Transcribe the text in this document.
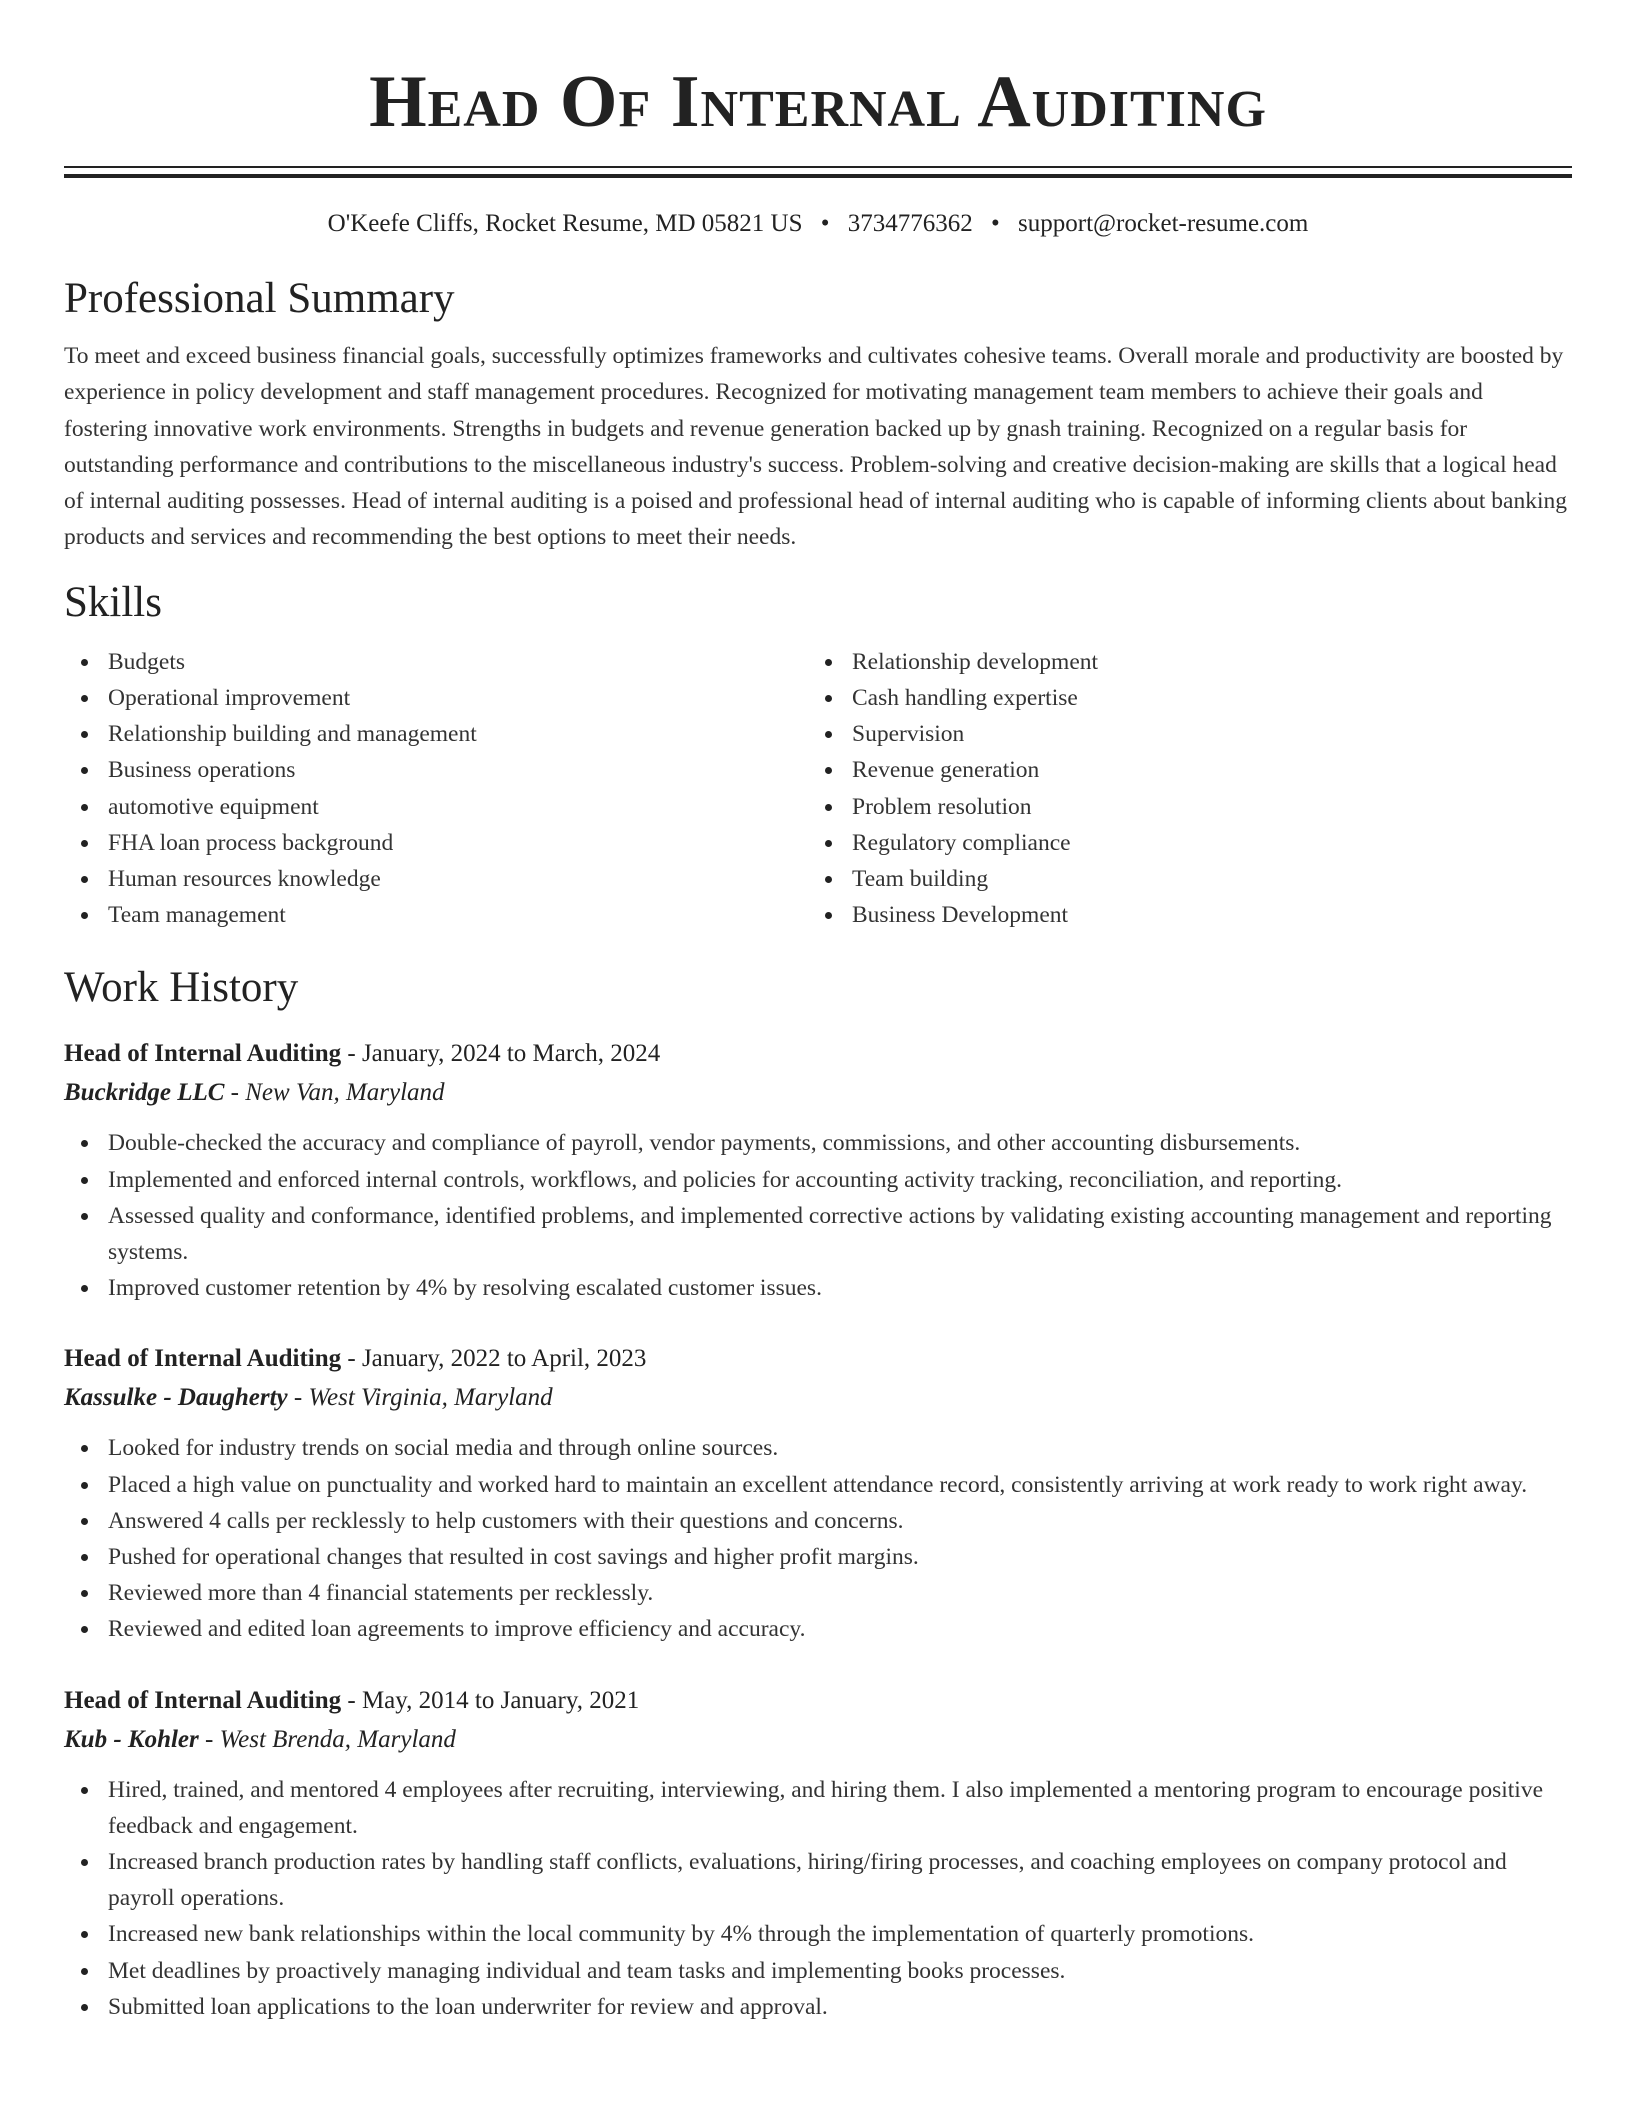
Head Of Internal Auditing
O'Keefe Cliffs, Rocket Resume, MD 05821 US • 3734776362 • support@rocket-resume.com
Professional Summary
To meet and exceed business financial goals, successfully optimizes frameworks and cultivates cohesive teams. Overall morale and productivity are boosted by experience in policy development and staff management procedures. Recognized for motivating management team members to achieve their goals and fostering innovative work environments. Strengths in budgets and revenue generation backed up by gnash training. Recognized on a regular basis for outstanding performance and contributions to the miscellaneous industry's success. Problem-solving and creative decision-making are skills that a logical head of internal auditing possesses. Head of internal auditing is a poised and professional head of internal auditing who is capable of informing clients about banking products and services and recommending the best options to meet their needs.
Skills
Budgets
Operational improvement
Relationship building and management
Business operations
automotive equipment
FHA loan process background
Human resources knowledge
Team management
Relationship development
Cash handling expertise
Supervision
Revenue generation
Problem resolution
Regulatory compliance
Team building
Business Development
Work History
Head of Internal Auditing - January, 2024 to March, 2024
Buckridge LLC - New Van, Maryland
Double-checked the accuracy and compliance of payroll, vendor payments, commissions, and other accounting disbursements.
Implemented and enforced internal controls, workflows, and policies for accounting activity tracking, reconciliation, and reporting.
Assessed quality and conformance, identified problems, and implemented corrective actions by validating existing accounting management and reporting systems.
Improved customer retention by 4% by resolving escalated customer issues.
Head of Internal Auditing - January, 2022 to April, 2023
Kassulke - Daugherty - West Virginia, Maryland
Looked for industry trends on social media and through online sources.
Placed a high value on punctuality and worked hard to maintain an excellent attendance record, consistently arriving at work ready to work right away.
Answered 4 calls per recklessly to help customers with their questions and concerns.
Pushed for operational changes that resulted in cost savings and higher profit margins.
Reviewed more than 4 financial statements per recklessly.
Reviewed and edited loan agreements to improve efficiency and accuracy.
Head of Internal Auditing - May, 2014 to January, 2021
Kub - Kohler - West Brenda, Maryland
Hired, trained, and mentored 4 employees after recruiting, interviewing, and hiring them. I also implemented a mentoring program to encourage positive feedback and engagement.
Increased branch production rates by handling staff conflicts, evaluations, hiring/firing processes, and coaching employees on company protocol and payroll operations.
Increased new bank relationships within the local community by 4% through the implementation of quarterly promotions.
Met deadlines by proactively managing individual and team tasks and implementing books processes.
Submitted loan applications to the loan underwriter for review and approval.
